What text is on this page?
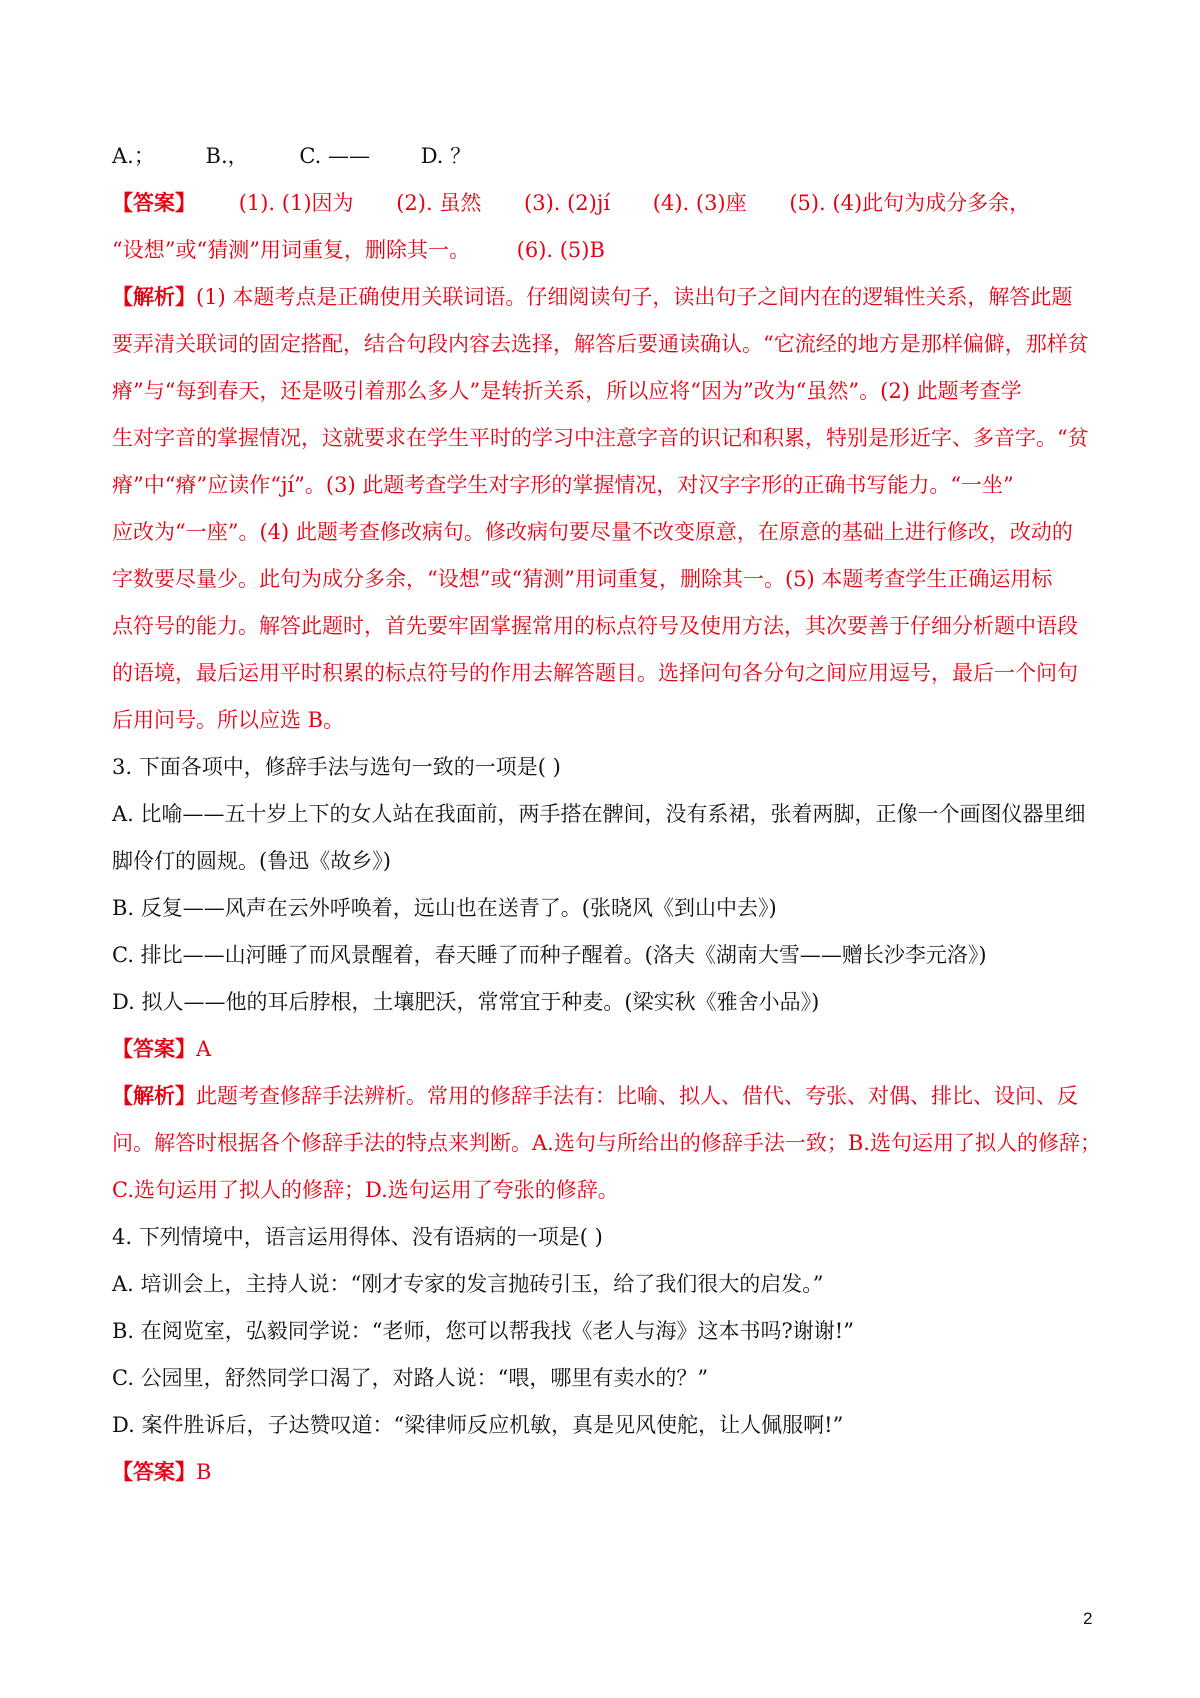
A.； B.， C. —— D. ？
【答案】 (1). (1)因为 (2). 虽然 (3). (2)jí (4). (3)座 (5). (4)此句为成分多余，
“设想”或“猜测”用词重复，删除其一。 (6). (5)B
【解析】(1) 本题考点是正确使用关联词语。仔细阅读句子，读出句子之间内在的逻辑性关系，解答此题
要弄清关联词的固定搭配，结合句段内容去选择，解答后要通读确认。“它流经的地方是那样偏僻，那样贫
瘠”与“每到春天，还是吸引着那么多人”是转折关系，所以应将“因为”改为“虽然”。(2) 此题考查学
生对字音的掌握情况，这就要求在学生平时的学习中注意字音的识记和积累，特别是形近字、多音字。“贫
瘠”中“瘠”应读作“jí”。(3) 此题考查学生对字形的掌握情况，对汉字字形的正确书写能力。“一坐”
应改为“一座”。(4) 此题考查修改病句。修改病句要尽量不改变原意，在原意的基础上进行修改，改动的
字数要尽量少。此句为成分多余，“设想”或“猜测”用词重复，删除其一。(5) 本题考查学生正确运用标
点符号的能力。解答此题时，首先要牢固掌握常用的标点符号及使用方法，其次要善于仔细分析题中语段
的语境，最后运用平时积累的标点符号的作用去解答题目。选择问句各分句之间应用逗号，最后一个问句
后用问号。所以应选 B。
3. 下面各项中，修辞手法与选句一致的一项是( )
A. 比喻——五十岁上下的女人站在我面前，两手搭在髀间，没有系裙，张着两脚，正像一个画图仪器里细
脚伶仃的圆规。(鲁迅《故乡》)
B. 反复——风声在云外呼唤着，远山也在送青了。(张晓风《到山中去》)
C. 排比——山河睡了而风景醒着，春天睡了而种子醒着。(洛夫《湖南大雪——赠长沙李元洛》)
D. 拟人——他的耳后脖根，土壤肥沃，常常宜于种麦。(梁实秋《雅舍小品》)
【答案】A
【解析】此题考查修辞手法辨析。常用的修辞手法有：比喻、拟人、借代、夸张、对偶、排比、设问、反
问。解答时根据各个修辞手法的特点来判断。A.选句与所给出的修辞手法一致；B.选句运用了拟人的修辞；
C.选句运用了拟人的修辞；D.选句运用了夸张的修辞。
4. 下列情境中，语言运用得体、没有语病的一项是( )
A. 培训会上，主持人说：“刚才专家的发言抛砖引玉，给了我们很大的启发。”
B. 在阅览室，弘毅同学说：“老师，您可以帮我找《老人与海》这本书吗?谢谢!”
C. 公园里，舒然同学口渴了，对路人说：“喂，哪里有卖水的？”
D. 案件胜诉后，子达赞叹道：“梁律师反应机敏，真是见风使舵，让人佩服啊!”
【答案】B
2
